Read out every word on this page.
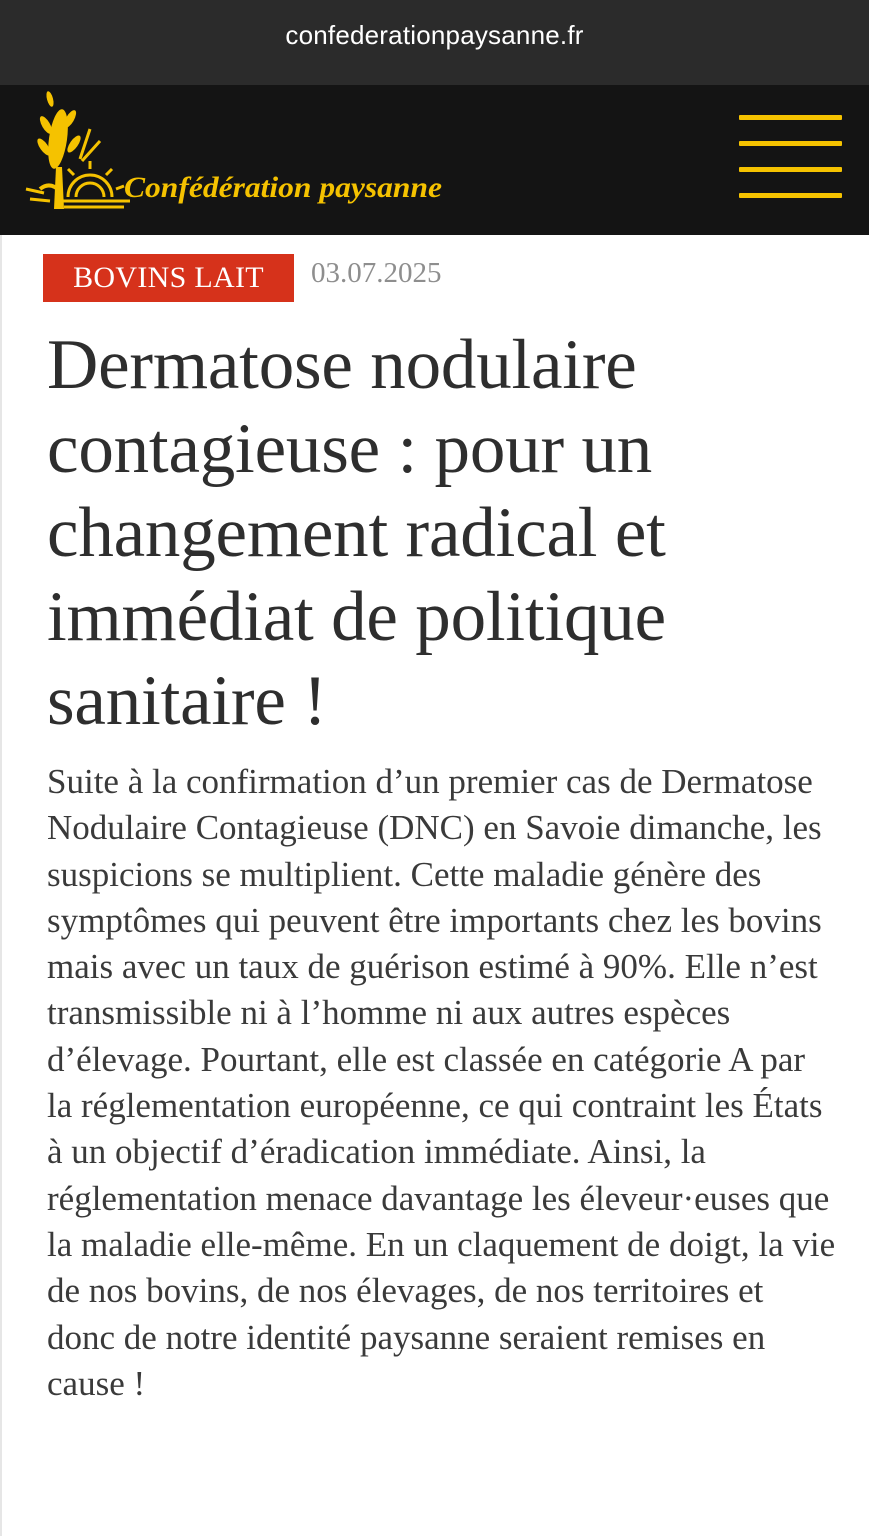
confederationpaysanne.fr
Confédération paysanne
BOVINS LAIT	03.07.2025
Dermatose nodulaire contagieuse : pour un changement radical et immédiat de politique sanitaire !

Suite à la confirmation d’un premier cas de Dermatose Nodulaire Contagieuse (DNC) en Savoie dimanche, les suspicions se multiplient. Cette maladie génère des symptômes qui peuvent être importants chez les bovins mais avec un taux de guérison estimé à 90%. Elle n’est transmissible ni à l’homme ni aux autres espèces d’élevage. Pourtant, elle est classée en catégorie A par la réglementation européenne, ce qui contraint les États à un objectif d’éradication immédiate. Ainsi, la réglementation menace davantage les éleveur·euses que la maladie elle-même. En un claquement de doigt, la vie de nos bovins, de nos élevages, de nos territoires et donc de notre identité paysanne seraient remises en cause !
